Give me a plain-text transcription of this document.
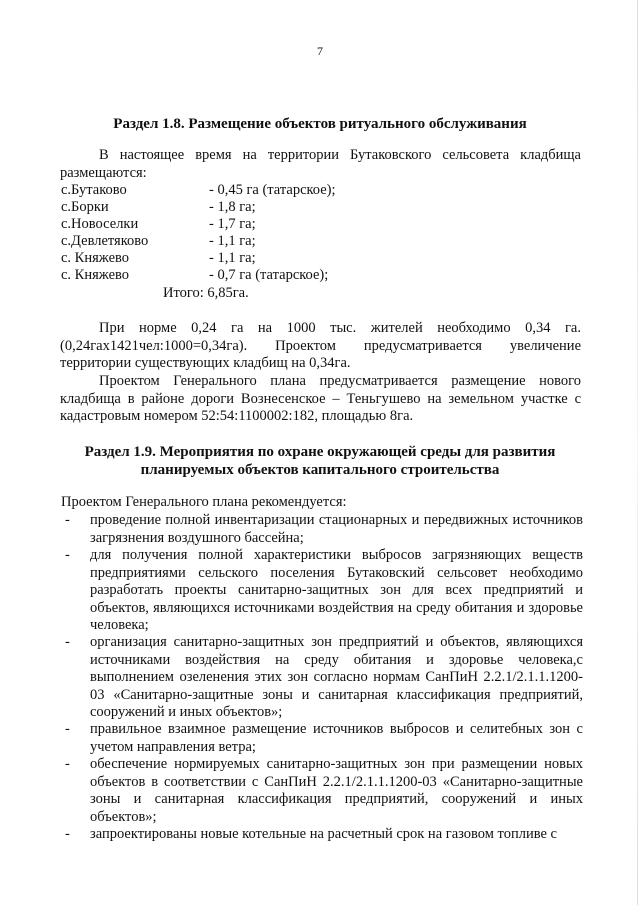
7
Раздел 1.8. Размещение объектов ритуального обслуживания
В настоящее время на территории Бутаковского сельсовета кладбища размещаются:
с.Бутаково	- 0,45 га (татарское);
с.Борки	- 1,8 га;
с.Новоселки	- 1,7 га;
с.Девлетяково	- 1,1 га;
с. Княжево	- 1,1 га;
с. Княжево	- 0,7 га (татарское);
Итого: 6,85га.
При норме 0,24 га на 1000 тыс. жителей необходимо 0,34 га. (0,24гах1421чел:1000=0,34га). Проектом предусматривается увеличение территории существующих кладбищ на 0,34га.
Проектом Генерального плана предусматривается размещение нового кладбища в районе дороги Вознесенское – Теньгушево на земельном участке с кадастровым номером 52:54:1100002:182, площадью 8га.
Раздел 1.9. Мероприятия по охране окружающей среды для развития
планируемых объектов капитального строительства
Проектом Генерального плана рекомендуется:
- проведение полной инвентаризации стационарных и передвижных источников загрязнения воздушного бассейна;
- для получения полной характеристики выбросов загрязняющих веществ предприятиями сельского поселения Бутаковский сельсовет необходимо разработать проекты санитарно-защитных зон для всех предприятий и объектов, являющихся источниками воздействия на среду обитания и здоровье человека;
- организация санитарно-защитных зон предприятий и объектов, являющихся источниками воздействия на среду обитания и здоровье человека,с выполнением озеленения этих зон согласно нормам СанПиН 2.2.1/2.1.1.1200-03 «Санитарно-защитные зоны и санитарная классификация предприятий, сооружений и иных объектов»;
- правильное взаимное размещение источников выбросов и селитебных зон с учетом направления ветра;
- обеспечение нормируемых санитарно-защитных зон при размещении новых объектов в соответствии с СанПиН 2.2.1/2.1.1.1200-03 «Санитарно-защитные зоны и санитарная классификация предприятий, сооружений и иных объектов»;
- запроектированы новые котельные на расчетный срок на газовом топливе с
